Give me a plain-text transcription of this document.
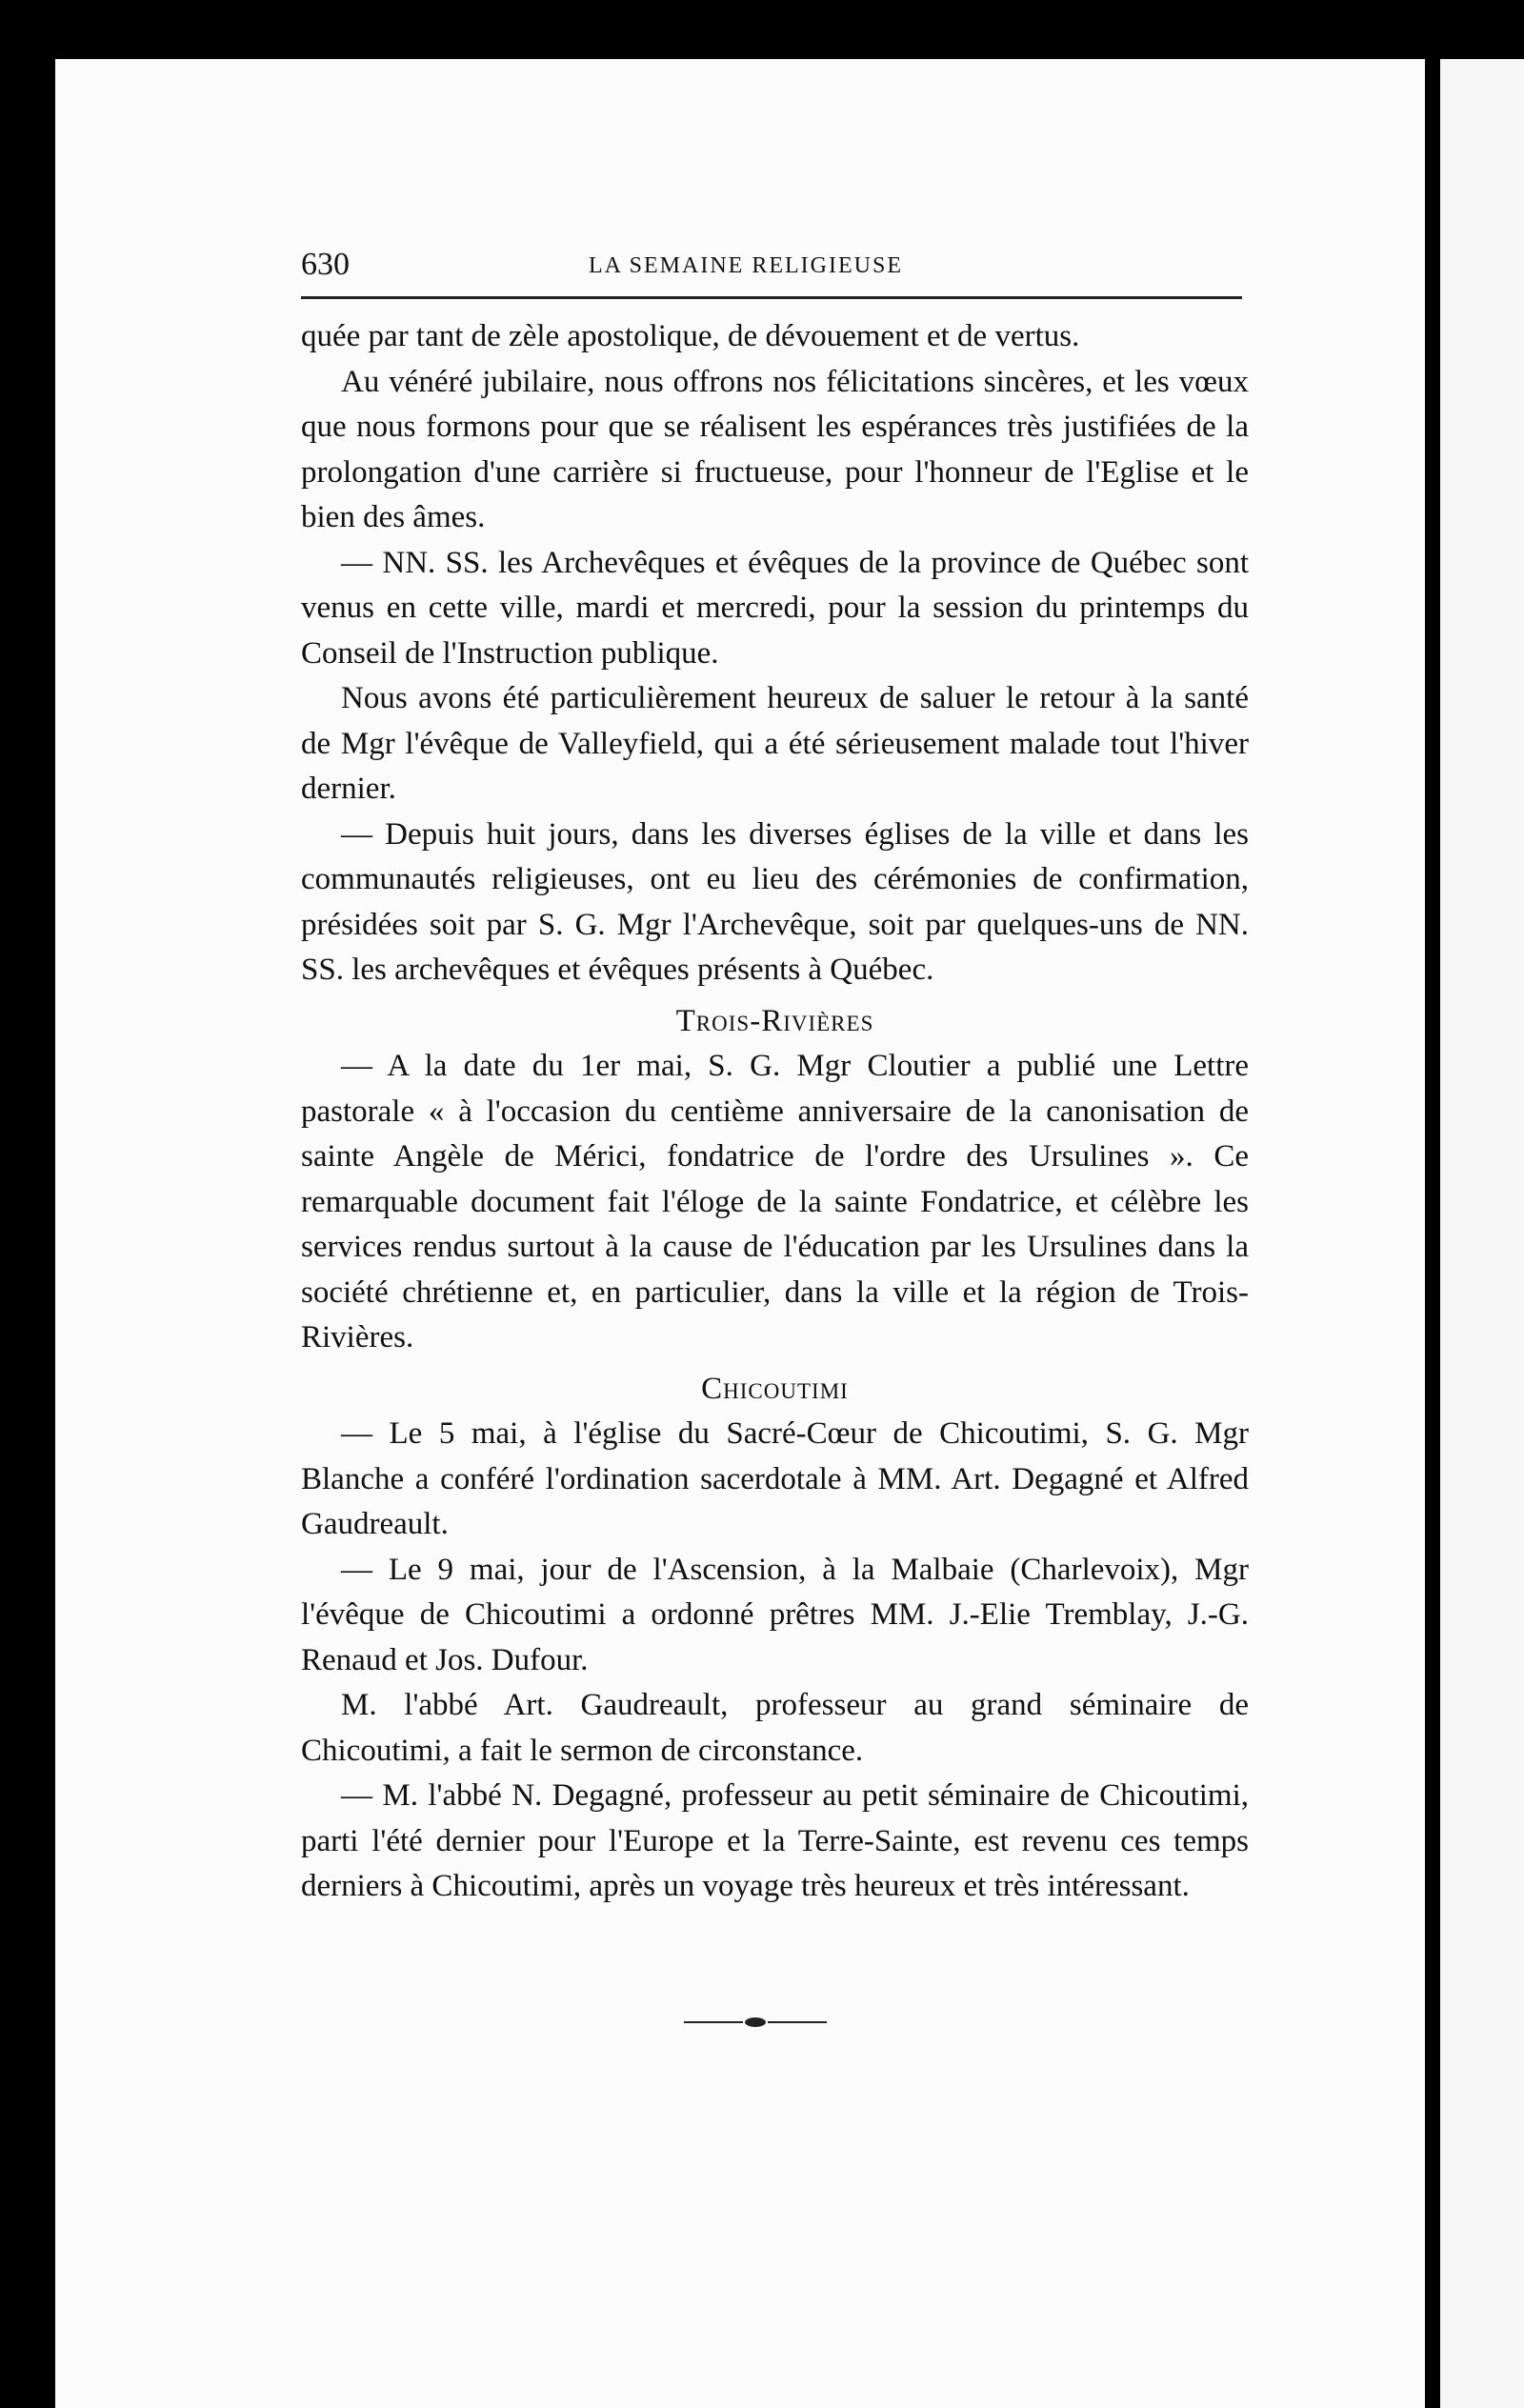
630	LA SEMAINE RELIGIEUSE

quée par tant de zèle apostolique, de dévouement et de vertus.

Au vénéré jubilaire, nous offrons nos félicitations sincères, et les vœux que nous formons pour que se réalisent les espérances très justifiées de la prolongation d'une carrière si fructueuse, pour l'honneur de l'Eglise et le bien des âmes.

— NN. SS. les Archevêques et évêques de la province de Québec sont venus en cette ville, mardi et mercredi, pour la session du printemps du Conseil de l'Instruction publique.

Nous avons été particulièrement heureux de saluer le retour à la santé de Mgr l'évêque de Valleyfield, qui a été sérieusement malade tout l'hiver dernier.

— Depuis huit jours, dans les diverses églises de la ville et dans les communautés religieuses, ont eu lieu des cérémonies de confirmation, présidées soit par S. G. Mgr l'Archevêque, soit par quelques-uns de NN. SS. les archevêques et évêques présents à Québec.

Trois-Rivières

— A la date du 1er mai, S. G. Mgr Cloutier a publié une Lettre pastorale « à l'occasion du centième anniversaire de la canonisation de sainte Angèle de Mérici, fondatrice de l'ordre des Ursulines ». Ce remarquable document fait l'éloge de la sainte Fondatrice, et célèbre les services rendus surtout à la cause de l'éducation par les Ursulines dans la société chrétienne et, en particulier, dans la ville et la région de Trois-Rivières.

Chicoutimi

— Le 5 mai, à l'église du Sacré-Cœur de Chicoutimi, S. G. Mgr Blanche a conféré l'ordination sacerdotale à MM. Art. Degagné et Alfred Gaudreault.

— Le 9 mai, jour de l'Ascension, à la Malbaie (Charlevoix), Mgr l'évêque de Chicoutimi a ordonné prêtres MM. J.-Elie Tremblay, J.-G. Renaud et Jos. Dufour.

M. l'abbé Art. Gaudreault, professeur au grand séminaire de Chicoutimi, a fait le sermon de circonstance.

— M. l'abbé N. Degagné, professeur au petit séminaire de Chicoutimi, parti l'été dernier pour l'Europe et la Terre-Sainte, est revenu ces temps derniers à Chicoutimi, après un voyage très heureux et très intéressant.
